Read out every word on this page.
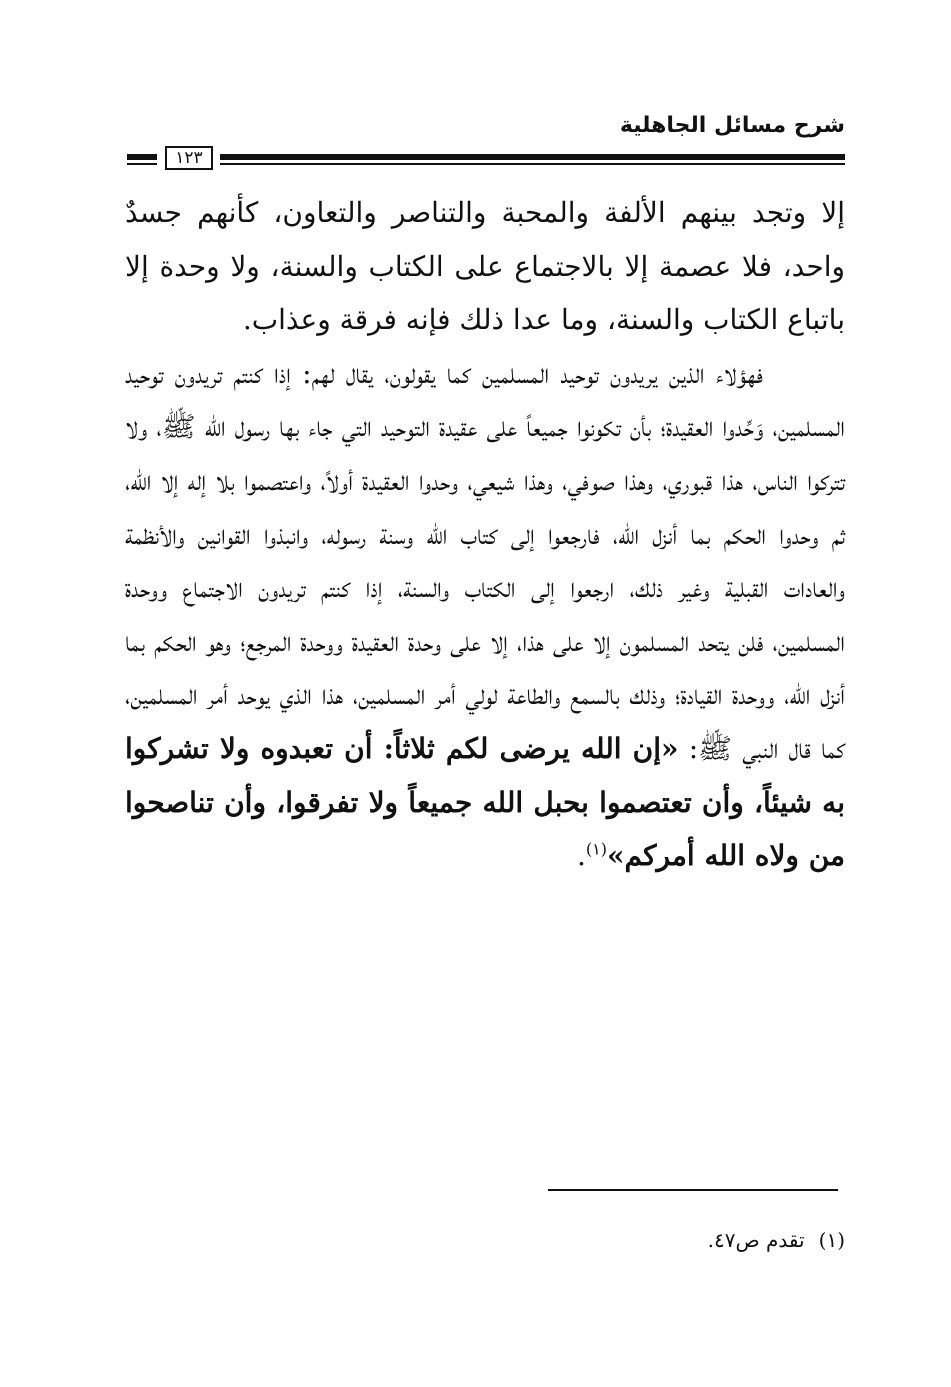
شرح مسائل الجاهلية
١٢٣

إلا وتجد بينهم الألفة والمحبة والتناصر والتعاون، كأنهم جسدٌ واحد، فلا عصمة إلا بالاجتماع على الكتاب والسنة، ولا وحدة إلا باتباع الكتاب والسنة، وما عدا ذلك فإنه فرقة وعذاب.

فهؤلاء الذين يريدون توحيد المسلمين كما يقولون، يقال لهم: إذا كنتم تريدون توحيد المسلمين، وَحِّدوا العقيدة؛ بأن تكونوا جميعاً على عقيدة التوحيد التي جاء بها رسول الله ﷺ، ولا تتركوا الناس، هذا قبوري، وهذا صوفي، وهذا شيعي، وحدوا العقيدة أولاً، واعتصموا بلا إله إلا الله، ثم وحدوا الحكم بما أنزل الله، فارجعوا إلى كتاب الله وسنة رسوله، وانبذوا القوانين والأنظمة والعادات القبلية وغير ذلك، ارجعوا إلى الكتاب والسنة، إذا كنتم تريدون الاجتماع ووحدة المسلمين، فلن يتحد المسلمون إلا على هذا، إلا على وحدة العقيدة ووحدة المرجع؛ وهو الحكم بما أنزل الله، ووحدة القيادة؛ وذلك بالسمع والطاعة لولي أمر المسلمين، هذا الذي يوحد أمر المسلمين، كما قال النبي ﷺ: «إن الله يرضى لكم ثلاثاً: أن تعبدوه ولا تشركوا به شيئاً، وأن تعتصموا بحبل الله جميعاً ولا تفرقوا، وأن تناصحوا من ولاه الله أمركم»$^{(١)}$.

(١)تقدم ص٤٧.
